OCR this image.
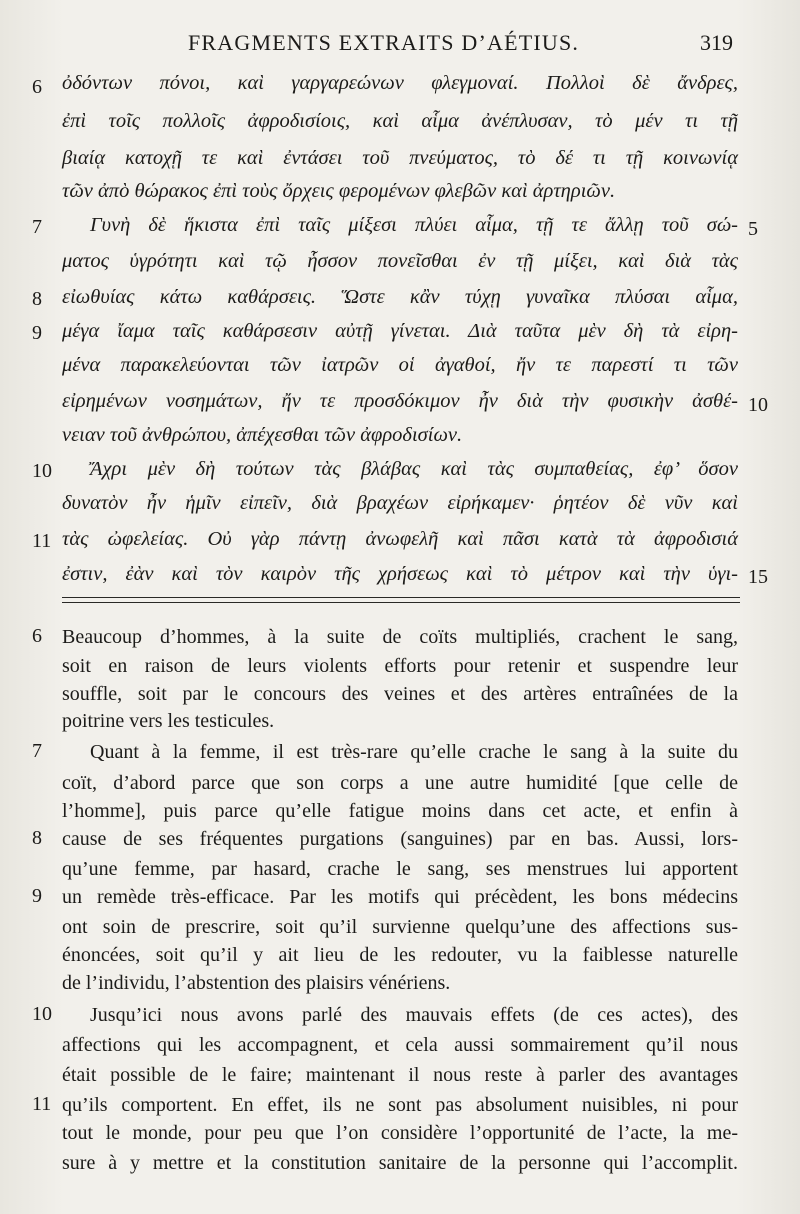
FRAGMENTS EXTRAITS D’AÉTIUS.	319
ὀδόντων πόνοι, καὶ γαργαρεώνων φλεγμοναί. Πολλοὶ δὲ ἄνδρες,
ἐπὶ τοῖς πολλοῖς ἀφροδισίοις, καὶ αἷμα ἀνέπλυσαν, τὸ μέν τι τῇ
βιαίᾳ κατοχῇ τε καὶ ἐντάσει τοῦ πνεύματος, τὸ δέ τι τῇ κοινωνίᾳ
τῶν ἀπὸ θώρακος ἐπὶ τοὺς ὄρχεις φερομένων φλεβῶν καὶ ἀρτηριῶν.
Γυνὴ δὲ ἥκιστα ἐπὶ ταῖς μίξεσι πλύει αἷμα, τῇ τε ἄλλῃ τοῦ σώ-
ματος ὑγρότητι καὶ τῷ ἧσσον πονεῖσθαι ἐν τῇ μίξει, καὶ διὰ τὰς
εἰωθυίας κάτω καθάρσεις. Ὥστε κἂν τύχῃ γυναῖκα πλύσαι αἷμα,
μέγα ἴαμα ταῖς καθάρσεσιν αὐτῇ γίνεται. Διὰ ταῦτα μὲν δὴ τὰ εἰρη-
μένα παρακελεύονται τῶν ἰατρῶν οἱ ἀγαθοί, ἤν τε παρεστί τι τῶν
εἰρημένων νοσημάτων, ἤν τε προσδόκιμον ἦν διὰ τὴν φυσικὴν ἀσθέ-
νειαν τοῦ ἀνθρώπου, ἀπέχεσθαι τῶν ἀφροδισίων.
Ἄχρι μὲν δὴ τούτων τὰς βλάβας καὶ τὰς συμπαθείας, ἐφ’ ὅσον
δυνατὸν ἦν ἡμῖν εἰπεῖν, διὰ βραχέων εἰρήκαμεν· ῥητέον δὲ νῦν καὶ
τὰς ὠφελείας. Οὐ γὰρ πάντῃ ἀνωφελῆ καὶ πᾶσι κατὰ τὰ ἀφροδισιά
ἐστιν, ἐὰν καὶ τὸν καιρὸν τῆς χρήσεως καὶ τὸ μέτρον καὶ τὴν ὑγι-
6
7
8
9
10
11
5
10
15
Beaucoup d’hommes, à la suite de coïts multipliés, crachent le sang,
soit en raison de leurs violents efforts pour retenir et suspendre leur
souffle, soit par le concours des veines et des artères entraînées de la
poitrine vers les testicules.
Quant à la femme, il est très-rare qu’elle crache le sang à la suite du
coït, d’abord parce que son corps a une autre humidité [que celle de
l’homme], puis parce qu’elle fatigue moins dans cet acte, et enfin à
cause de ses fréquentes purgations (sanguines) par en bas. Aussi, lors-
qu’une femme, par hasard, crache le sang, ses menstrues lui apportent
un remède très-efficace. Par les motifs qui précèdent, les bons médecins
ont soin de prescrire, soit qu’il survienne quelqu’une des affections sus-
énoncées, soit qu’il y ait lieu de les redouter, vu la faiblesse naturelle
de l’individu, l’abstention des plaisirs vénériens.
Jusqu’ici nous avons parlé des mauvais effets (de ces actes), des
affections qui les accompagnent, et cela aussi sommairement qu’il nous
était possible de le faire; maintenant il nous reste à parler des avantages
qu’ils comportent. En effet, ils ne sont pas absolument nuisibles, ni pour
tout le monde, pour peu que l’on considère l’opportunité de l’acte, la me-
sure à y mettre et la constitution sanitaire de la personne qui l’accomplit.
6
7
8
9
10
11
